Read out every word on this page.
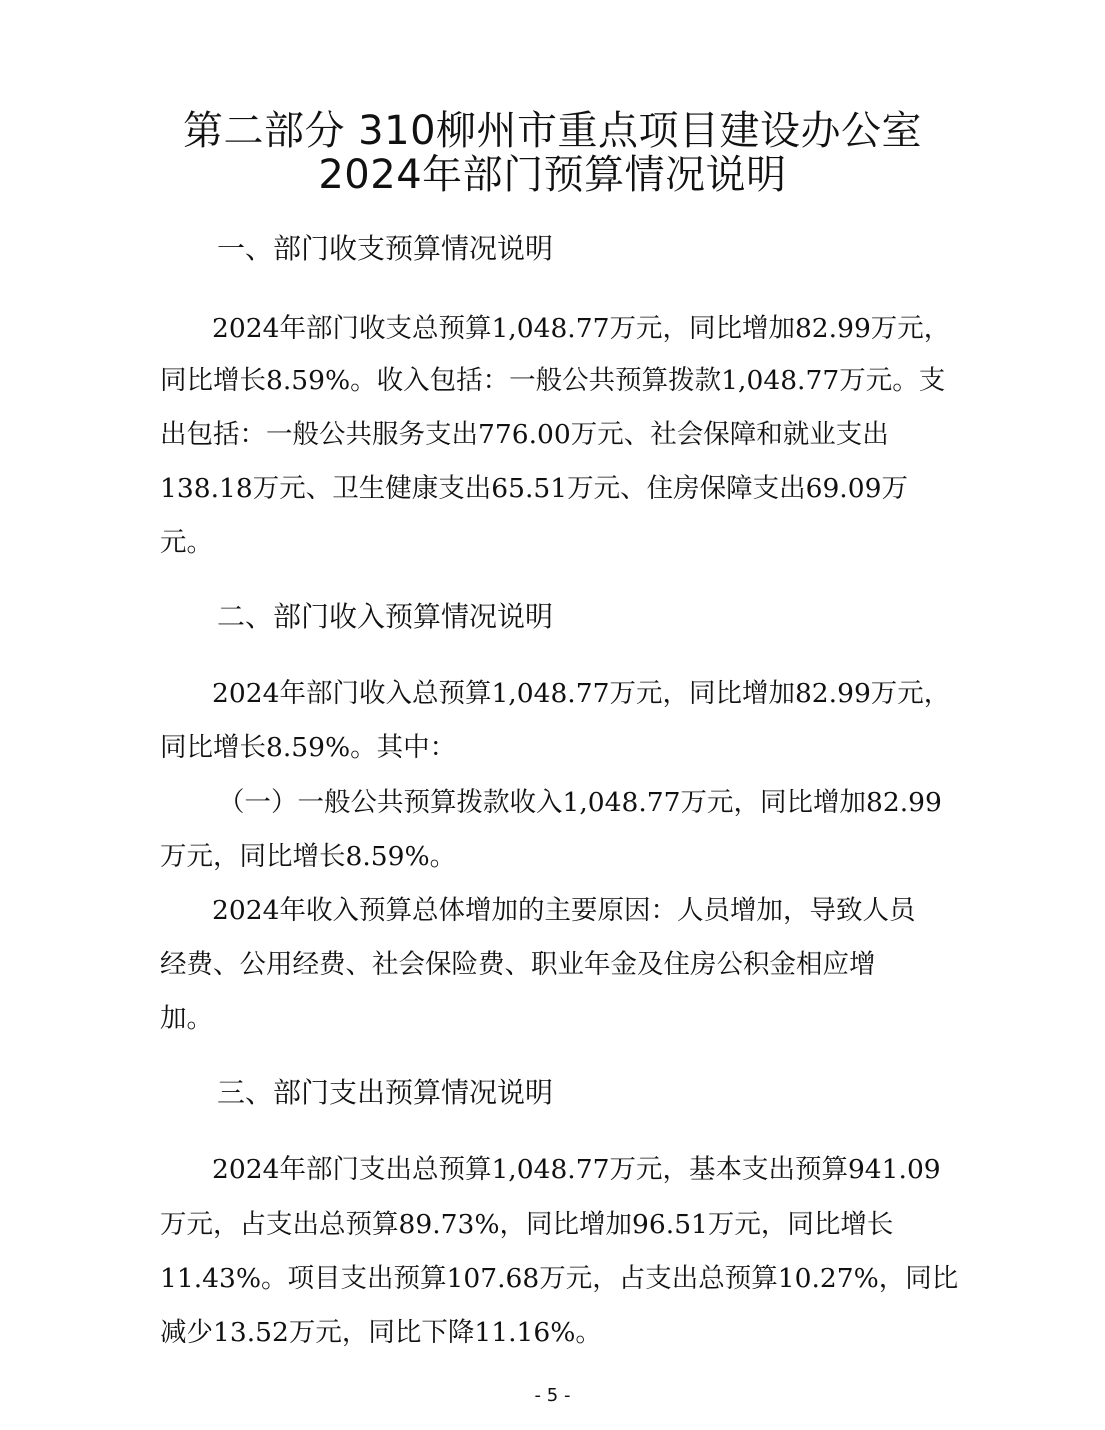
第二部分 310柳州市重点项目建设办公室
2024年部门预算情况说明
一、部门收支预算情况说明
2024年部门收支总预算1,048.77万元，同比增加82.99万元，
同比增长8.59%。收入包括：一般公共预算拨款1,048.77万元。支
出包括：一般公共服务支出776.00万元、社会保障和就业支出
138.18万元、卫生健康支出65.51万元、住房保障支出69.09万
元。
二、部门收入预算情况说明
2024年部门收入总预算1,048.77万元，同比增加82.99万元，
同比增长8.59%。其中：
（一）一般公共预算拨款收入1,048.77万元，同比增加82.99
万元，同比增长8.59%。
2024年收入预算总体增加的主要原因：人员增加，导致人员
经费、公用经费、社会保险费、职业年金及住房公积金相应增
加。
三、部门支出预算情况说明
2024年部门支出总预算1,048.77万元，基本支出预算941.09
万元，占支出总预算89.73%，同比增加96.51万元，同比增长
11.43%。项目支出预算107.68万元，占支出总预算10.27%，同比
减少13.52万元，同比下降11.16%。
- 5 -
